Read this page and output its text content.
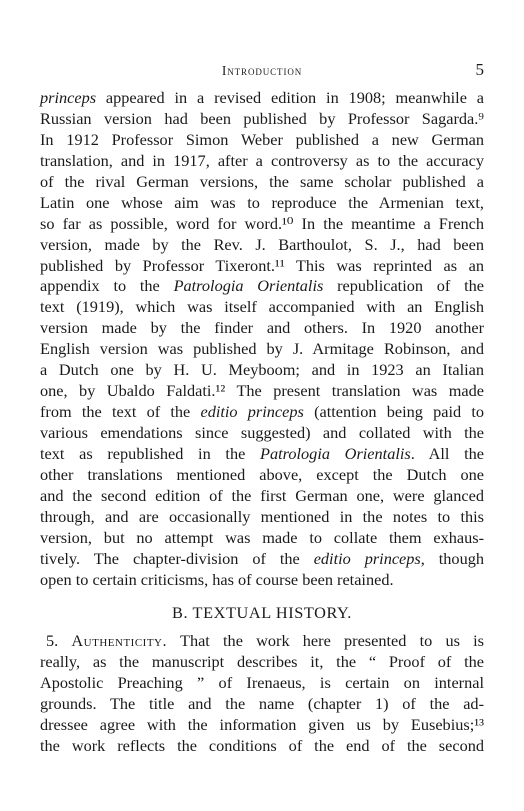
Introduction	5
princeps appeared in a revised edition in 1908; meanwhile a
Russian version had been published by Professor Sagarda.⁹
In 1912 Professor Simon Weber published a new German
translation, and in 1917, after a controversy as to the accuracy
of the rival German versions, the same scholar published a
Latin one whose aim was to reproduce the Armenian text,
so far as possible, word for word.¹⁰ In the meantime a French
version, made by the Rev. J. Barthoulot, S. J., had been
published by Professor Tixeront.¹¹ This was reprinted as an
appendix to the Patrologia Orientalis republication of the
text (1919), which was itself accompanied with an English
version made by the finder and others. In 1920 another
English version was published by J. Armitage Robinson, and
a Dutch one by H. U. Meyboom; and in 1923 an Italian
one, by Ubaldo Faldati.¹² The present translation was made
from the text of the editio princeps (attention being paid to
various emendations since suggested) and collated with the
text as republished in the Patrologia Orientalis. All the
other translations mentioned above, except the Dutch one
and the second edition of the first German one, were glanced
through, and are occasionally mentioned in the notes to this
version, but no attempt was made to collate them exhaus-
tively. The chapter-division of the editio princeps, though
open to certain criticisms, has of course been retained.
B. TEXTUAL HISTORY.
5. Authenticity. That the work here presented to us is
really, as the manuscript describes it, the “ Proof of the
Apostolic Preaching ” of Irenaeus, is certain on internal
grounds. The title and the name (chapter 1) of the ad-
dressee agree with the information given us by Eusebius;¹³
the work reflects the conditions of the end of the second
